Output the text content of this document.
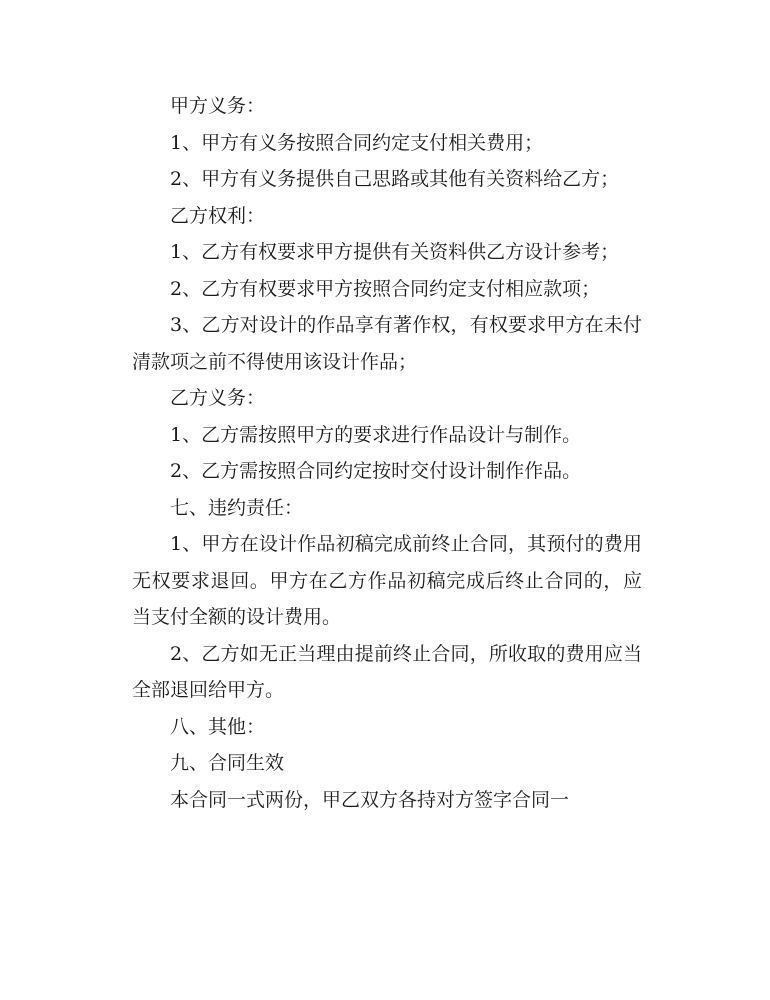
甲方义务：

1、甲方有义务按照合同约定支付相关费用；

2、甲方有义务提供自己思路或其他有关资料给乙方；

乙方权利：

1、乙方有权要求甲方提供有关资料供乙方设计参考；

2、乙方有权要求甲方按照合同约定支付相应款项；

3、乙方对设计的作品享有著作权，有权要求甲方在未付清款项之前不得使用该设计作品；

乙方义务：

1、乙方需按照甲方的要求进行作品设计与制作。

2、乙方需按照合同约定按时交付设计制作作品。

七、违约责任：

1、甲方在设计作品初稿完成前终止合同，其预付的费用无权要求退回。甲方在乙方作品初稿完成后终止合同的，应当支付全额的设计费用。

2、乙方如无正当理由提前终止合同，所收取的费用应当全部退回给甲方。

八、其他：

九、合同生效

本合同一式两份，甲乙双方各持对方签字合同一
